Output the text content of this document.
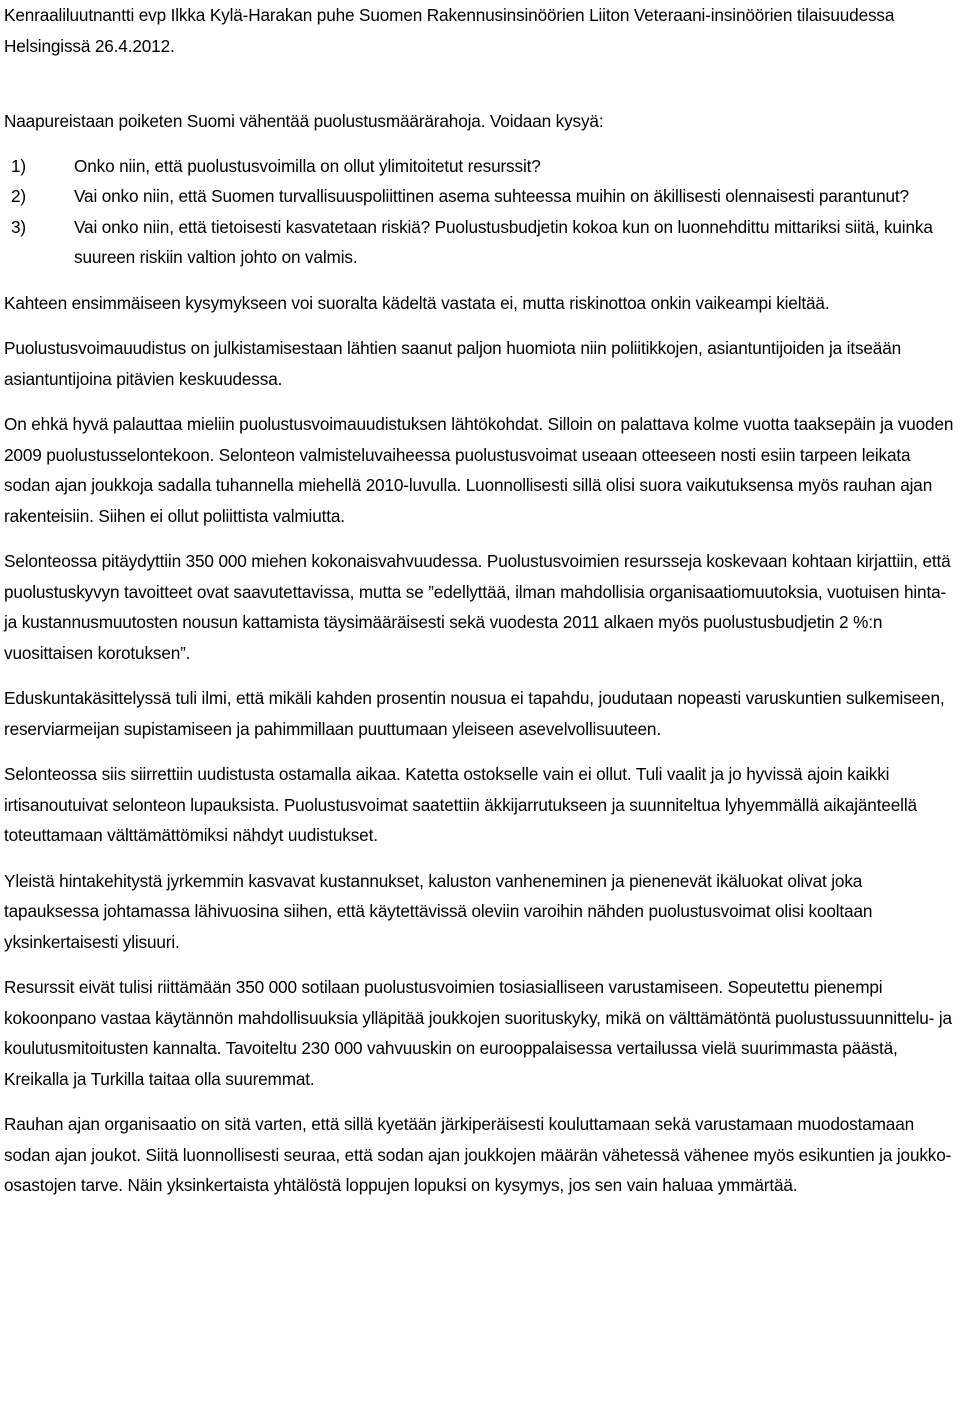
Kenraaliluutnantti evp Ilkka Kylä-Harakan puhe Suomen Rakennusinsinöörien Liiton Veteraani-insinöörien tilaisuudessa Helsingissä 26.4.2012.

Naapureistaan poiketen Suomi vähentää puolustusmäärärahoja. Voidaan kysyä:

1)	Onko niin, että puolustusvoimilla on ollut ylimitoitetut resurssit?
2)	Vai onko niin, että Suomen turvallisuuspoliittinen asema suhteessa muihin on äkillisesti olennaisesti parantunut?
3)	Vai onko niin, että tietoisesti kasvatetaan riskiä? Puolustusbudjetin kokoa kun on luonnehdittu mittariksi siitä, kuinka suureen riskiin valtion johto on valmis.

Kahteen ensimmäiseen kysymykseen voi suoralta kädeltä vastata ei, mutta riskinottoa onkin vaikeampi kieltää.

Puolustusvoimauudistus on julkistamisestaan lähtien saanut paljon huomiota niin poliitikkojen, asiantuntijoiden ja itseään asiantuntijoina pitävien keskuudessa.

On ehkä hyvä palauttaa mieliin puolustusvoimauudistuksen lähtökohdat. Silloin on palattava kolme vuotta taaksepäin ja vuoden 2009 puolustusselontekoon. Selonteon valmisteluvaiheessa puolustusvoimat useaan otteeseen nosti esiin tarpeen leikata sodan ajan joukkoja sadalla tuhannella miehellä 2010-luvulla. Luonnollisesti sillä olisi suora vaikutuksensa myös rauhan ajan rakenteisiin. Siihen ei ollut poliittista valmiutta.

Selonteossa pitäydyttiin 350 000 miehen kokonaisvahvuudessa. Puolustusvoimien resursseja koskevaan kohtaan kirjattiin, että puolustuskyvyn tavoitteet ovat saavutettavissa, mutta se ”edellyttää, ilman mahdollisia organisaatiomuutoksia, vuotuisen hinta- ja kustannusmuutosten nousun kattamista täysimääräisesti sekä vuodesta 2011 alkaen myös puolustusbudjetin 2 %:n vuosittaisen korotuksen”.

Eduskuntakäsittelyssä tuli ilmi, että mikäli kahden prosentin nousua ei tapahdu, joudutaan nopeasti varuskuntien sulkemiseen, reserviarmeijan supistamiseen ja pahimmillaan puuttumaan yleiseen asevelvollisuuteen.

Selonteossa siis siirrettiin uudistusta ostamalla aikaa. Katetta ostokselle vain ei ollut. Tuli vaalit ja jo hyvissä ajoin kaikki irtisanoutuivat selonteon lupauksista. Puolustusvoimat saatettiin äkkijarrutukseen ja suunniteltua lyhyemmällä aikajänteellä toteuttamaan välttämättömiksi nähdyt uudistukset.

Yleistä hintakehitystä jyrkemmin kasvavat kustannukset, kaluston vanheneminen ja pienenevät ikäluokat olivat joka tapauksessa johtamassa lähivuosina siihen, että käytettävissä oleviin varoihin nähden puolustusvoimat olisi kooltaan yksinkertaisesti ylisuuri.

Resurssit eivät tulisi riittämään 350 000 sotilaan puolustusvoimien tosiasialliseen varustamiseen. Sopeutettu pienempi kokoonpano vastaa käytännön mahdollisuuksia ylläpitää joukkojen suorituskyky, mikä on välttämätöntä puolustussuunnittelu- ja koulutusmitoitusten kannalta. Tavoiteltu 230 000 vahvuuskin on eurooppalaisessa vertailussa vielä suurimmasta päästä, Kreikalla ja Turkilla taitaa olla suuremmat.

Rauhan ajan organisaatio on sitä varten, että sillä kyetään järkiperäisesti kouluttamaan sekä varustamaan muodostamaan sodan ajan joukot. Siitä luonnollisesti seuraa, että sodan ajan joukkojen määrän vähetessä vähenee myös esikuntien ja joukko-osastojen tarve. Näin yksinkertaista yhtälöstä loppujen lopuksi on kysymys, jos sen vain haluaa ymmärtää.
